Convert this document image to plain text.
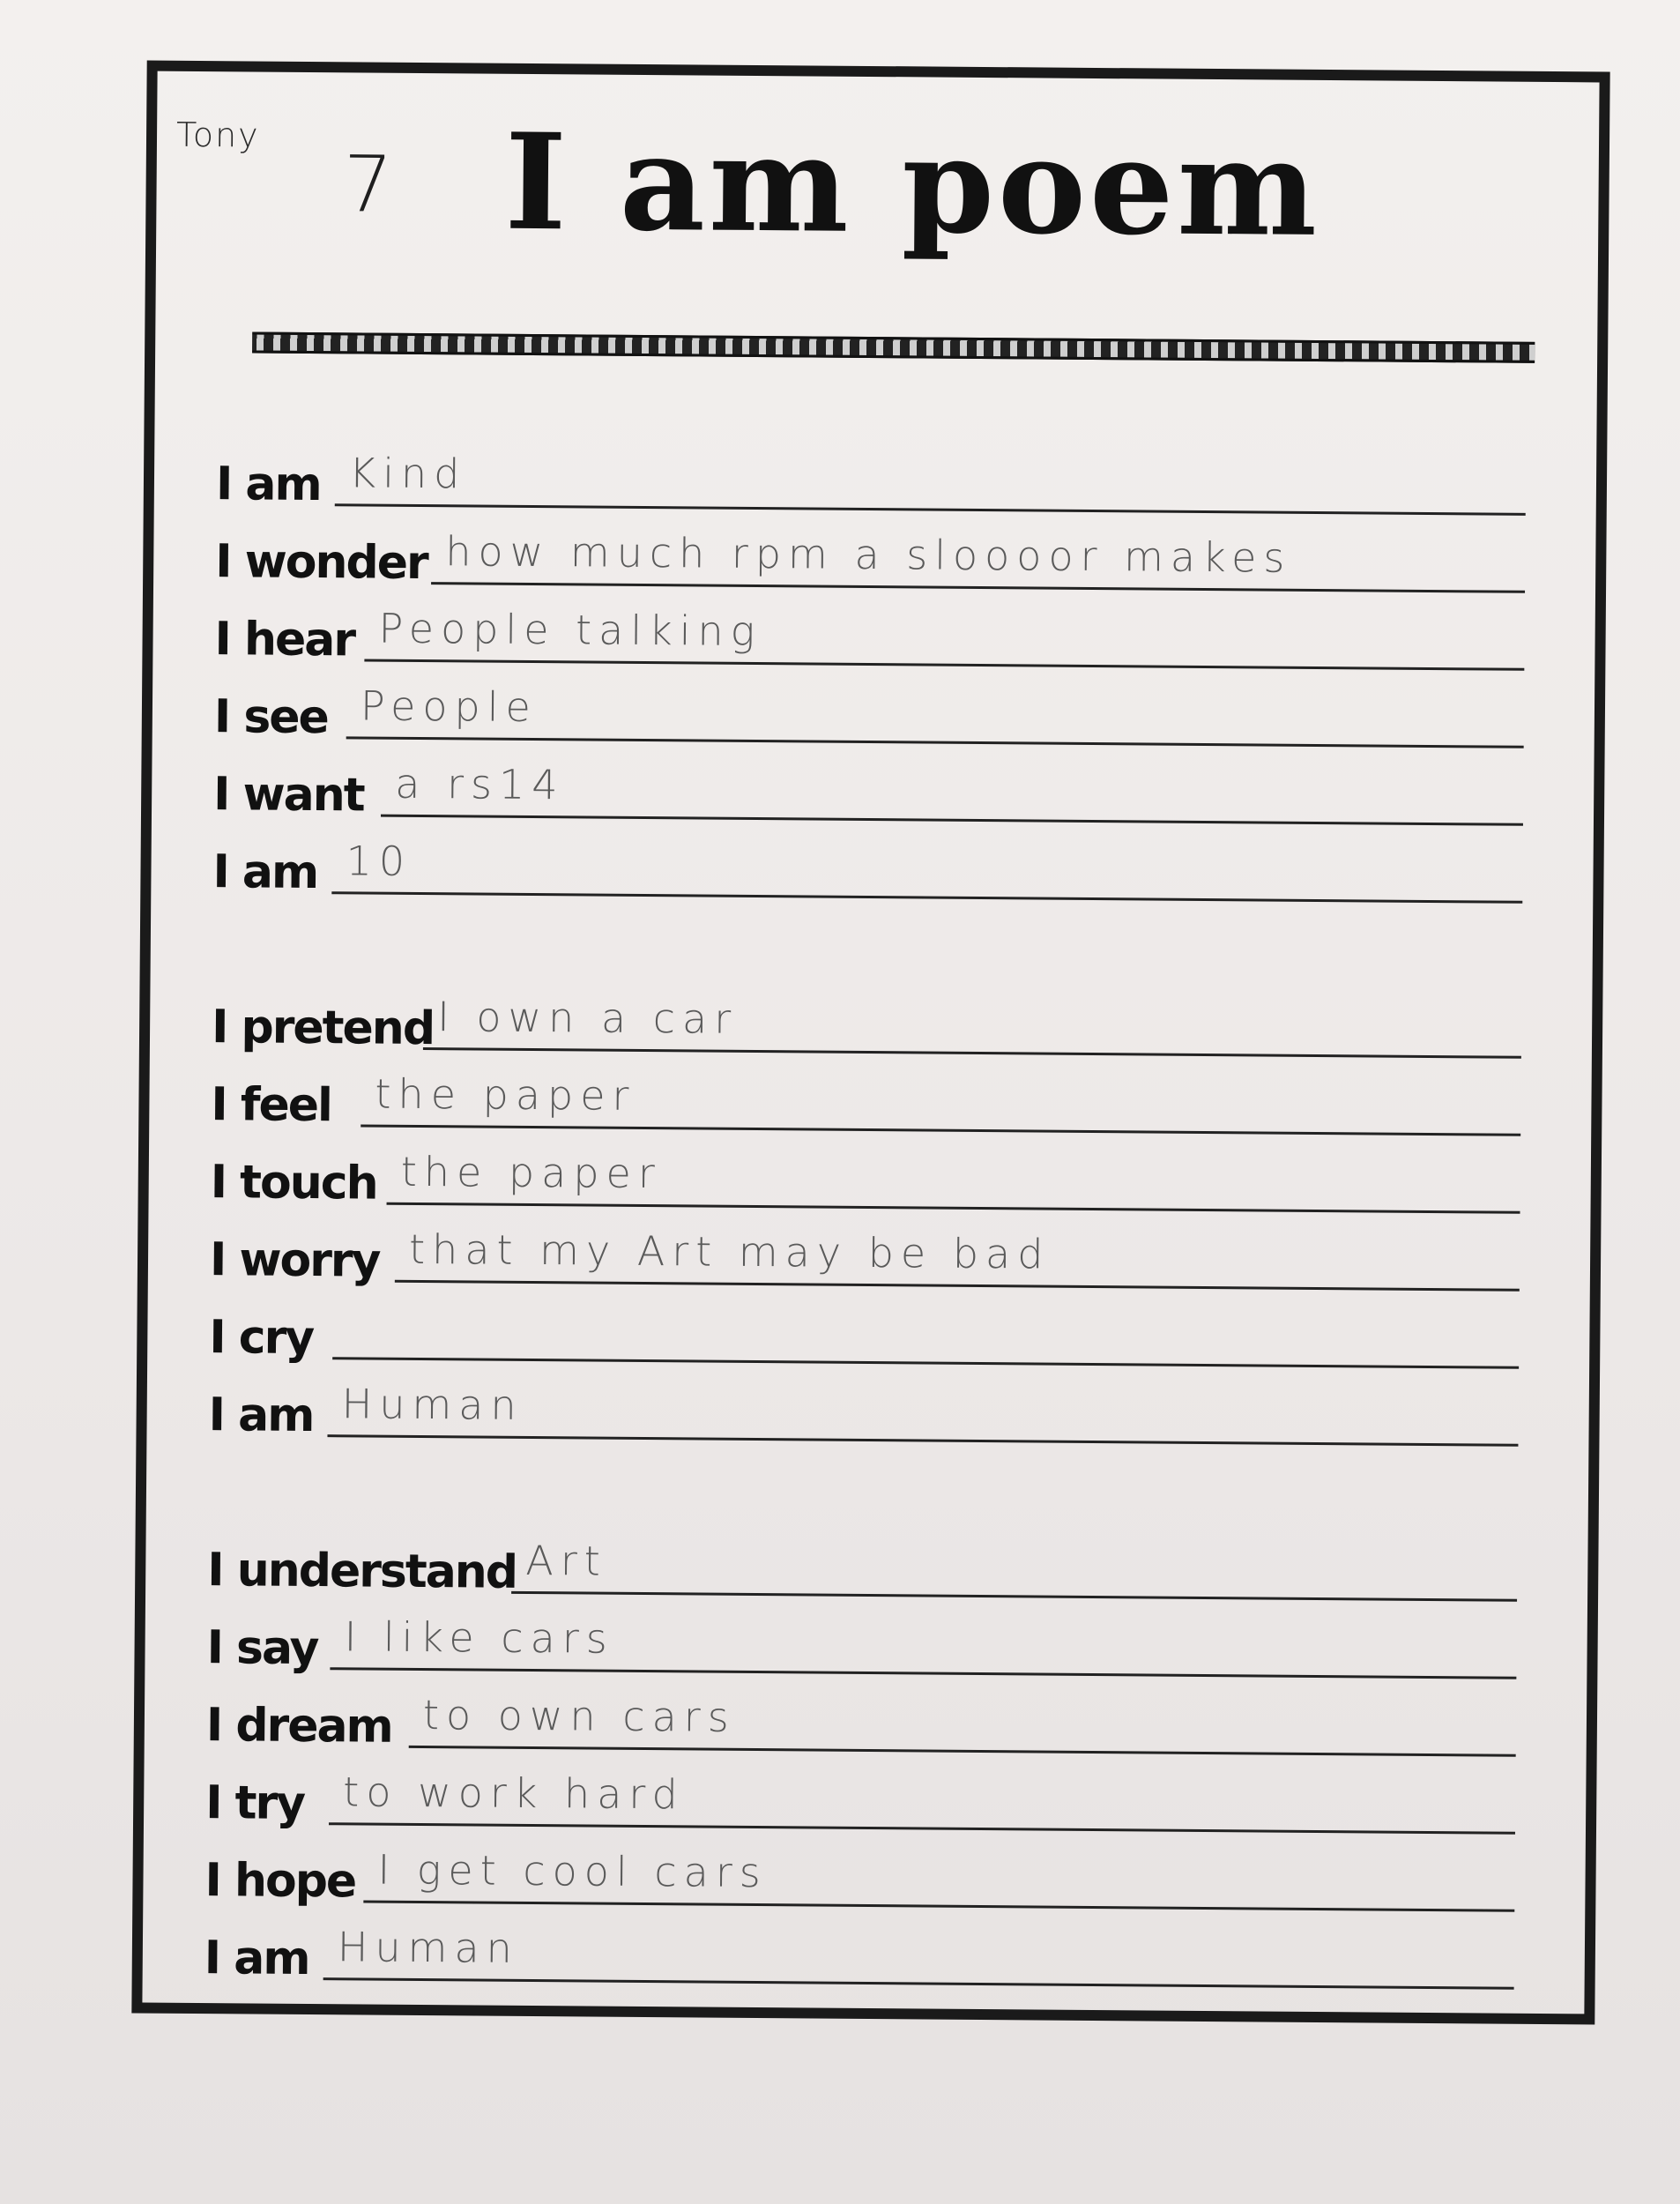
Tony
7 I am poem
I am Kind
I wonder how much rpm a sloooor makes
I hear People talking
I see People
I want a rs14
I am 10
I pretend I own a car
I feel the paper
I touch the paper
I worry that my Art may be bad
I cry
I am Human
I understand Art
I say I like cars
I dream to own cars
I try to work hard
I hope I get cool cars
I am Human
